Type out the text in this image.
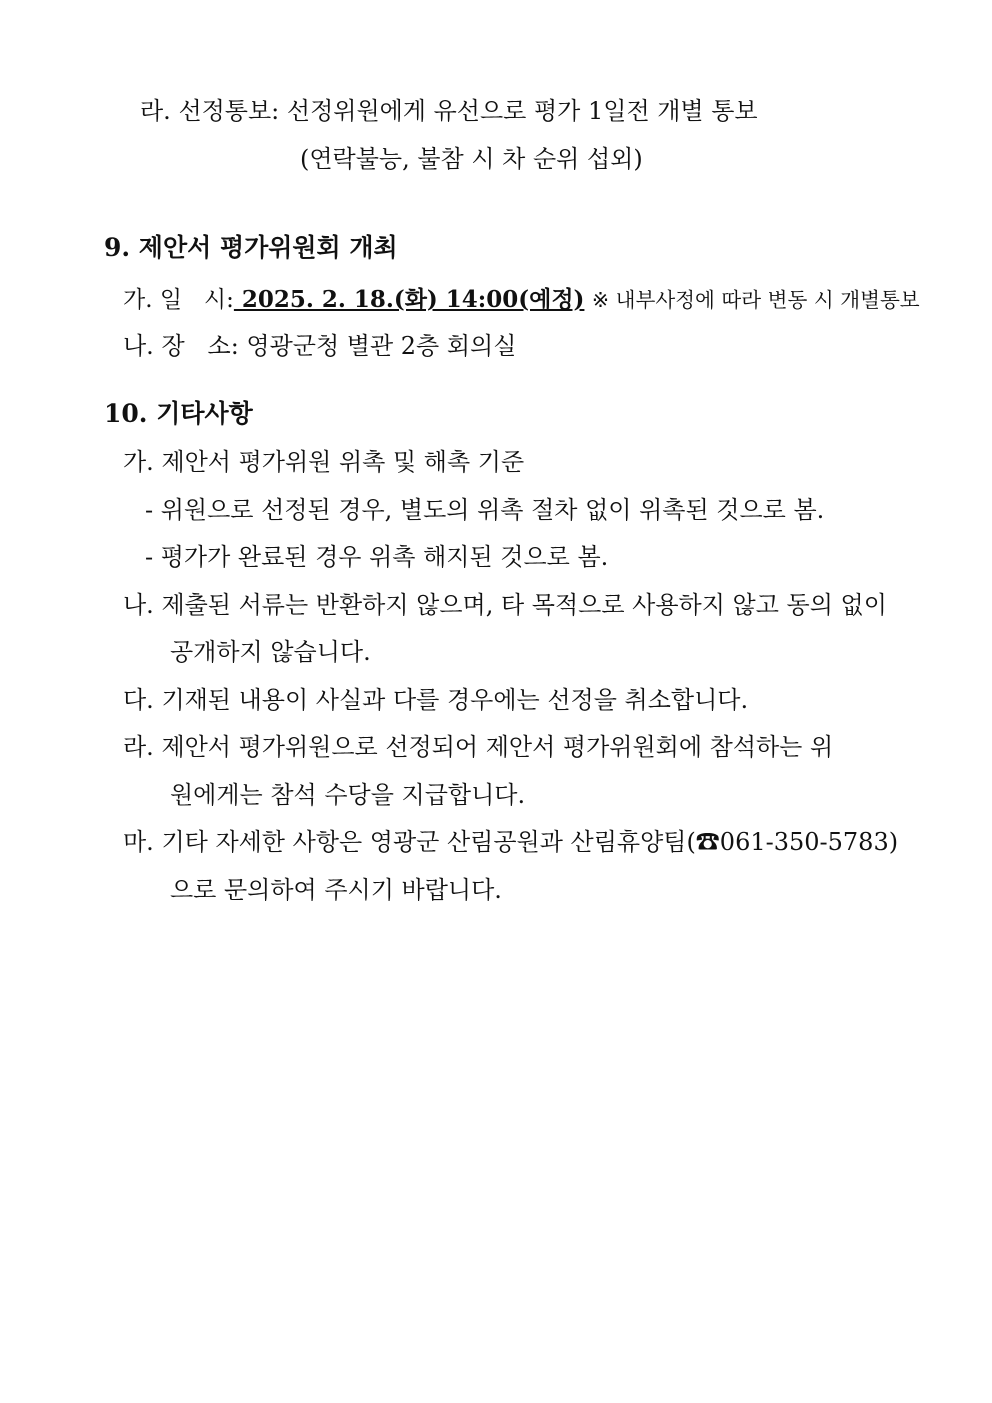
라. 선정통보: 선정위원에게 유선으로 평가 1일전 개별 통보
(연락불능, 불참 시 차 순위 섭외)
9. 제안서 평가위원회 개최
가. 일   시: 2025. 2. 18.(화) 14:00(예정) ※ 내부사정에 따라 변동 시 개별통보
나. 장   소: 영광군청 별관 2층 회의실
10. 기타사항
가. 제안서 평가위원 위촉 및 해촉 기준
- 위원으로 선정된 경우, 별도의 위촉 절차 없이 위촉된 것으로 봄.
- 평가가 완료된 경우 위촉 해지된 것으로 봄.
나. 제출된 서류는 반환하지 않으며, 타 목적으로 사용하지 않고 동의 없이
공개하지 않습니다.
다. 기재된 내용이 사실과 다를 경우에는 선정을 취소합니다.
라. 제안서 평가위원으로 선정되어 제안서 평가위원회에 참석하는 위
원에게는 참석 수당을 지급합니다.
마. 기타 자세한 사항은 영광군 산림공원과 산림휴양팀(☎061-350-5783)
으로 문의하여 주시기 바랍니다.
